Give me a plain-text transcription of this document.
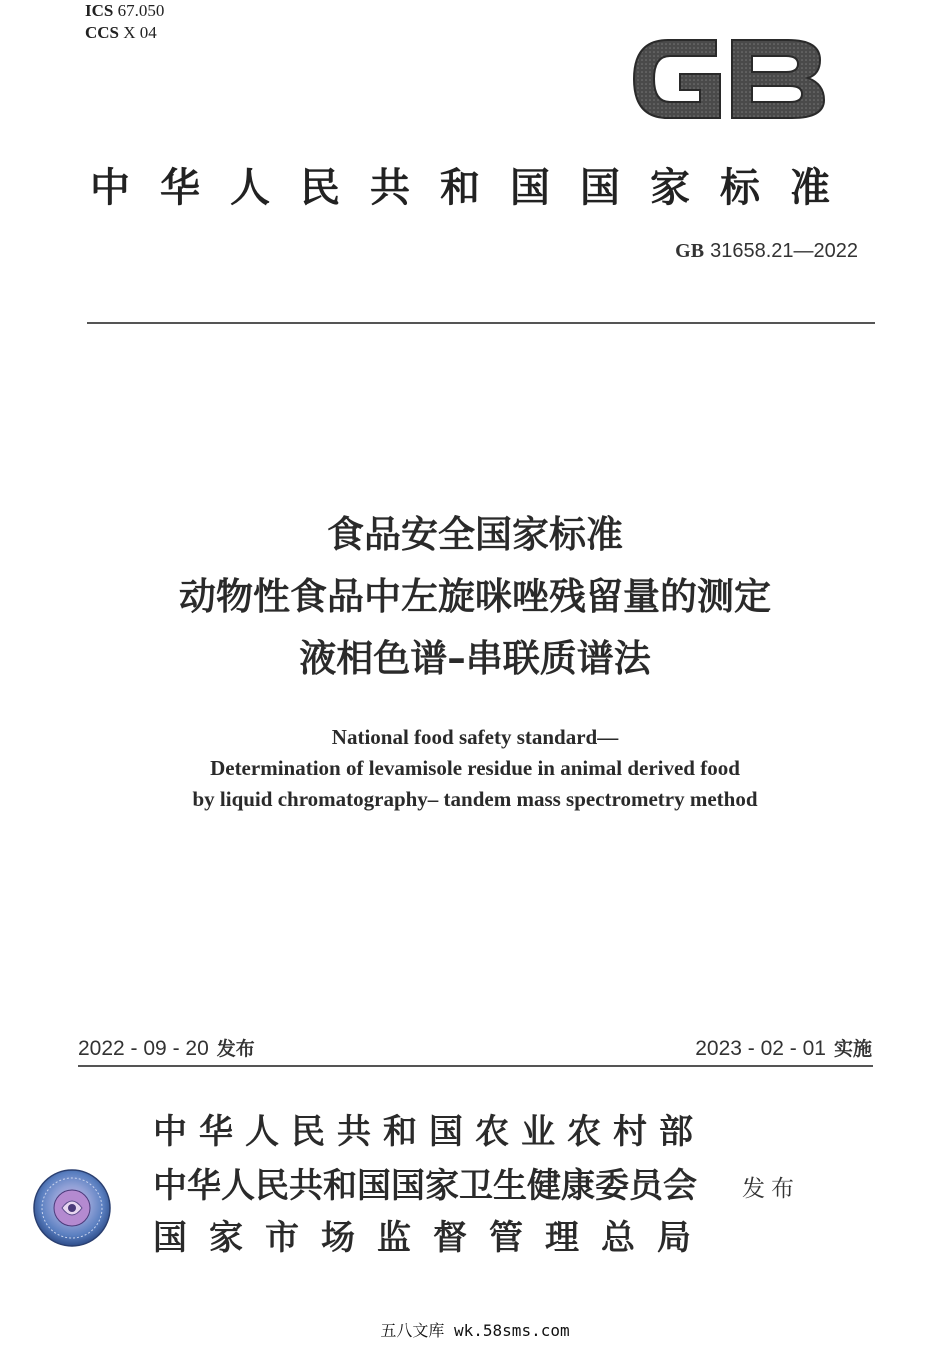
ICS 67.050
CCS X 04
中华人民共和国国家标准
GB 31658.21—2022
食品安全国家标准
动物性食品中左旋咪唑残留量的测定
液相色谱–串联质谱法
National food safety standard—
Determination of levamisole residue in animal derived food
by liquid chromatography– tandem mass spectrometry method
2022 - 09 - 20 发布	2023 - 02 - 01 实施
中华人民共和国农业农村部
中华人民共和国国家卫生健康委员会
国家市场监督管理总局
发布
五八文库 wk.58sms.com
